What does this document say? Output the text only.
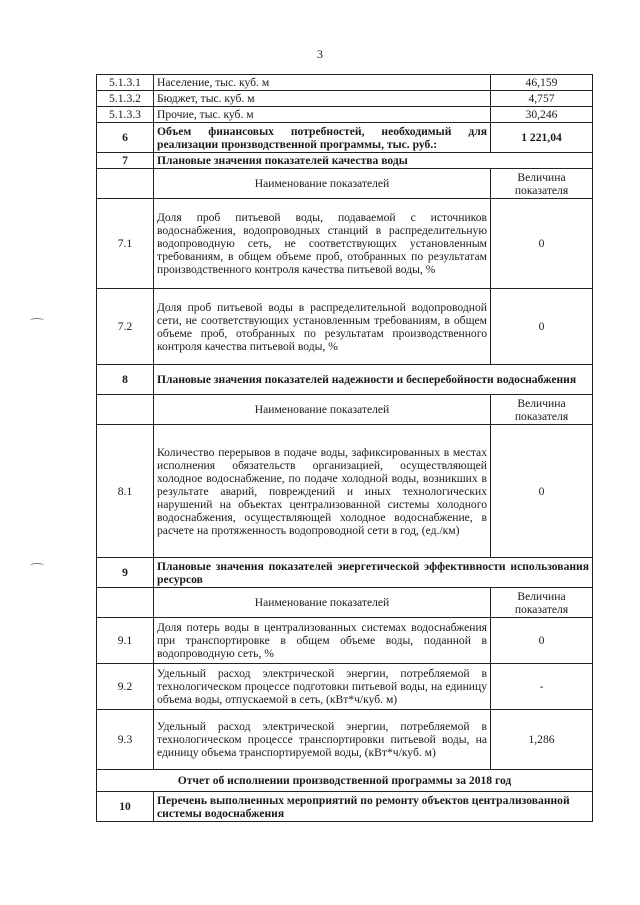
3
5.1.3.1	Население, тыс. куб. м	46,159
5.1.3.2	Бюджет, тыс. куб. м	4,757
5.1.3.3	Прочие, тыс. куб. м	30,246
6	Объем финансовых потребностей, необходимый для реализации производственной программы, тыс. руб.:	1 221,04
7	Плановые значения показателей качества воды	
	Наименование показателей	Величина показателя
7.1	Доля проб питьевой воды, подаваемой с источников водоснабжения, водопроводных станций в распределительную водопроводную сеть, не соответствующих установленным требованиям, в общем объеме проб, отобранных по результатам производственного контроля качества питьевой воды, %	0
7.2	Доля проб питьевой воды в распределительной водопроводной сети, не соответствующих установленным требованиям, в общем объеме проб, отобранных по результатам производственного контроля качества питьевой воды, %	0
8	Плановые значения показателей надежности и бесперебойности водоснабжения	
	Наименование показателей	Величина показателя
8.1	Количество перерывов в подаче воды, зафиксированных в местах исполнения обязательств организацией, осуществляющей холодное водоснабжение, по подаче холодной воды, возникших в результате аварий, повреждений и иных технологических нарушений на объектах централизованной системы холодного водоснабжения, осуществляющей холодное водоснабжение, в расчете на протяженность водопроводной сети в год, (ед./км)	0
9	Плановые значения показателей энергетической эффективности использования ресурсов	
	Наименование показателей	Величина показателя
9.1	Доля потерь воды в централизованных системах водоснабжения при транспортировке в общем объеме воды, поданной в водопроводную сеть, %	0
9.2	Удельный расход электрической энергии, потребляемой в технологическом процессе подготовки питьевой воды, на единицу объема воды, отпускаемой в сеть, (кВт*ч/куб. м)	-
9.3	Удельный расход электрической энергии, потребляемой в технологическом процессе транспортировки питьевой воды, на единицу объема транспортируемой воды, (кВт*ч/куб. м)	1,286
Отчет об исполнении производственной программы за 2018 год		
10	Перечень выполненных мероприятий по ремонту объектов централизованной системы водоснабжения	
